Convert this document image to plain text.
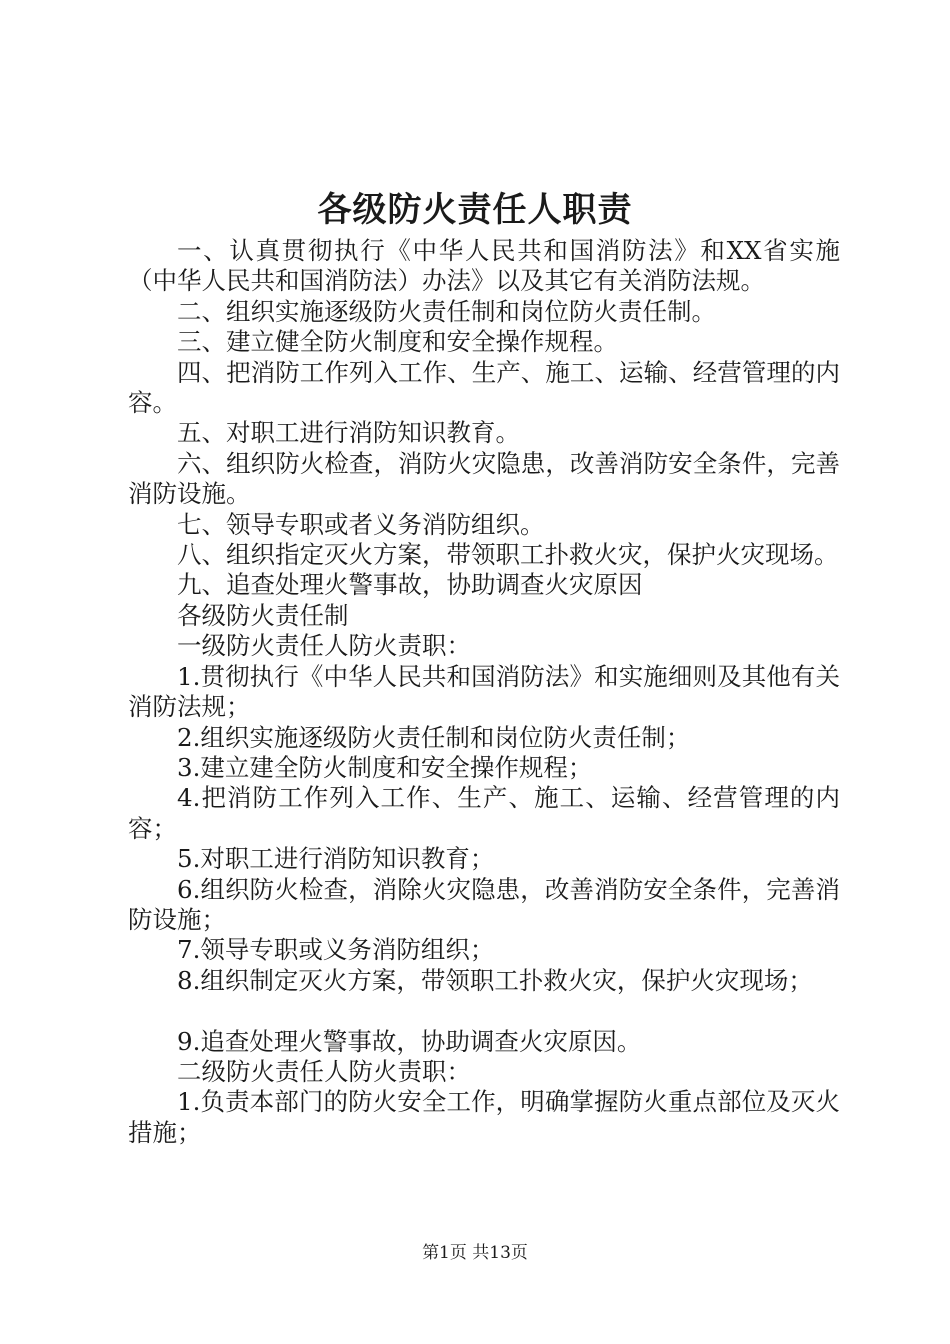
各级防火责任人职责

一、认真贯彻执行《中华人民共和国消防法》和XX省实施（中华人民共和国消防法）办法》以及其它有关消防法规。

二、组织实施逐级防火责任制和岗位防火责任制。

三、建立健全防火制度和安全操作规程。

四、把消防工作列入工作、生产、施工、运输、经营管理的内容。

五、对职工进行消防知识教育。

六、组织防火检查，消防火灾隐患，改善消防安全条件，完善消防设施。

七、领导专职或者义务消防组织。

八、组织指定灭火方案，带领职工扑救火灾，保护火灾现场。

九、追查处理火警事故，协助调查火灾原因

各级防火责任制

一级防火责任人防火责职：

1.贯彻执行《中华人民共和国消防法》和实施细则及其他有关消防法规；

2.组织实施逐级防火责任制和岗位防火责任制；

3.建立建全防火制度和安全操作规程；

4.把消防工作列入工作、生产、施工、运输、经营管理的内容；

5.对职工进行消防知识教育；

6.组织防火检查，消除火灾隐患，改善消防安全条件，完善消防设施；

7.领导专职或义务消防组织；

8.组织制定灭火方案，带领职工扑救火灾，保护火灾现场；

9.追查处理火警事故，协助调查火灾原因。

二级防火责任人防火责职：

1.负责本部门的防火安全工作，明确掌握防火重点部位及灭火措施；

第1页 共13页
